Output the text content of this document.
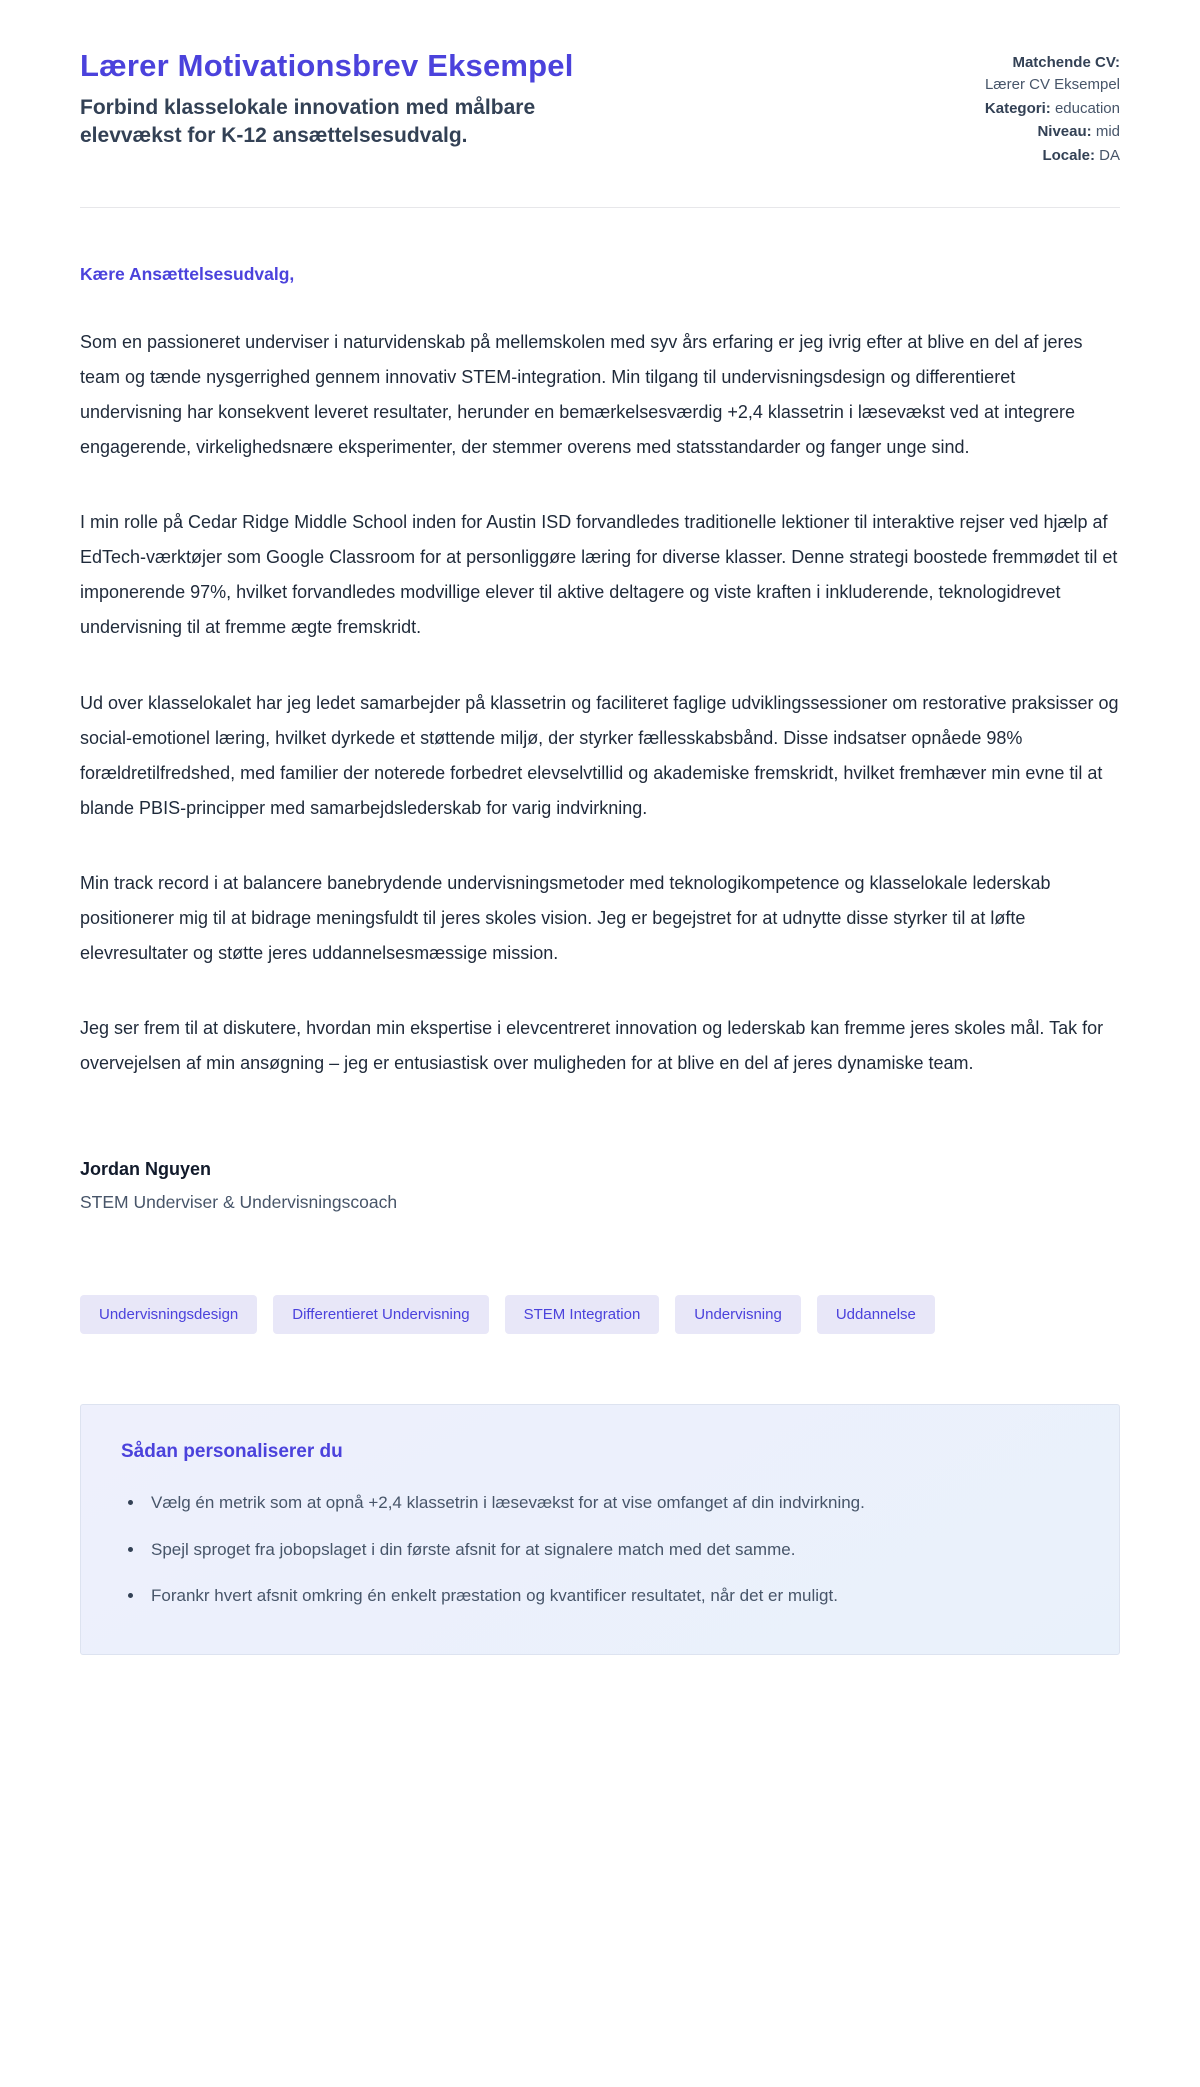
Lærer Motivationsbrev Eksempel
Forbind klasselokale innovation med målbare elevvækst for K-12 ansættelsesudvalg.
Matchende CV:
Lærer CV Eksempel
Kategori: education
Niveau: mid
Locale: DA

Kære Ansættelsesudvalg,

Som en passioneret underviser i naturvidenskab på mellemskolen med syv års erfaring er jeg ivrig efter at blive en del af jeres team og tænde nysgerrighed gennem innovativ STEM-integration. Min tilgang til undervisningsdesign og differentieret undervisning har konsekvent leveret resultater, herunder en bemærkelsesværdig +2,4 klassetrin i læsevækst ved at integrere engagerende, virkelighedsnære eksperimenter, der stemmer overens med statsstandarder og fanger unge sind.

I min rolle på Cedar Ridge Middle School inden for Austin ISD forvandledes traditionelle lektioner til interaktive rejser ved hjælp af EdTech-værktøjer som Google Classroom for at personliggøre læring for diverse klasser. Denne strategi boostede fremmødet til et imponerende 97%, hvilket forvandledes modvillige elever til aktive deltagere og viste kraften i inkluderende, teknologidrevet undervisning til at fremme ægte fremskridt.

Ud over klasselokalet har jeg ledet samarbejder på klassetrin og faciliteret faglige udviklingssessioner om restorative praksisser og social-emotionel læring, hvilket dyrkede et støttende miljø, der styrker fællesskabsbånd. Disse indsatser opnåede 98% forældretilfredshed, med familier der noterede forbedret elevselvtillid og akademiske fremskridt, hvilket fremhæver min evne til at blande PBIS-principper med samarbejdslederskab for varig indvirkning.

Min track record i at balancere banebrydende undervisningsmetoder med teknologikompetence og klasselokale lederskab positionerer mig til at bidrage meningsfuldt til jeres skoles vision. Jeg er begejstret for at udnytte disse styrker til at løfte elevresultater og støtte jeres uddannelsesmæssige mission.

Jeg ser frem til at diskutere, hvordan min ekspertise i elevcentreret innovation og lederskab kan fremme jeres skoles mål. Tak for overvejelsen af min ansøgning – jeg er entusiastisk over muligheden for at blive en del af jeres dynamiske team.

Jordan Nguyen

STEM Underviser & Undervisningscoach

Undervisningsdesign	Differentieret Undervisning	STEM Integration	Undervisning	Uddannelse
Sådan personaliserer du
• Vælg én metrik som at opnå +2,4 klassetrin i læsevækst for at vise omfanget af din indvirkning.
• Spejl sproget fra jobopslaget i din første afsnit for at signalere match med det samme.
• Forankr hvert afsnit omkring én enkelt præstation og kvantificer resultatet, når det er muligt.
